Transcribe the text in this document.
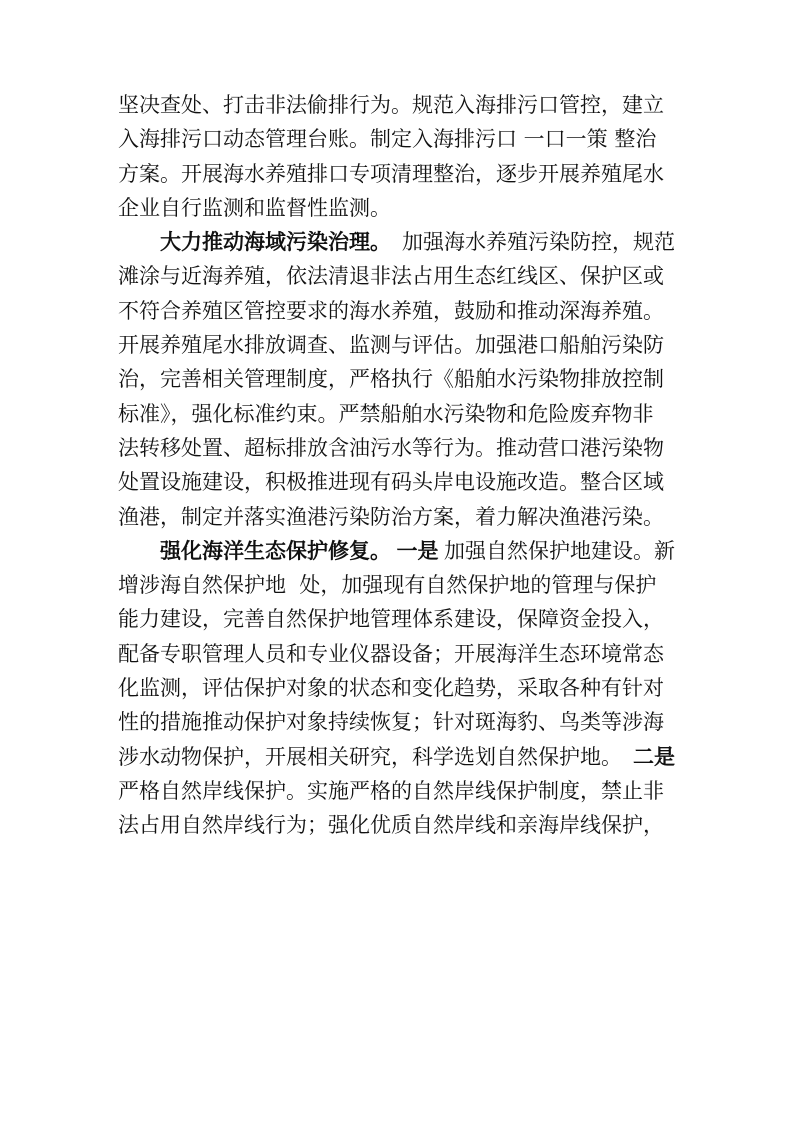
坚决查处、打击非法偷排行为。规范入海排污口管控，建立
入海排污口动态管理台账。制定入海排污口 一口一策 整治
方案。开展海水养殖排口专项清理整治，逐步开展养殖尾水
企业自行监测和监督性监测。
大力推动海域污染治理。 加强海水养殖污染防控，规范
滩涂与近海养殖，依法清退非法占用生态红线区、保护区或
不符合养殖区管控要求的海水养殖，鼓励和推动深海养殖。
开展养殖尾水排放调查、监测与评估。加强港口船舶污染防
治，完善相关管理制度，严格执行《船舶水污染物排放控制
标准》，强化标准约束。严禁船舶水污染物和危险废弃物非
法转移处置、超标排放含油污水等行为。推动营口港污染物
处置设施建设，积极推进现有码头岸电设施改造。整合区域
渔港，制定并落实渔港污染防治方案，着力解决渔港污染。
强化海洋生态保护修复。 一是 加强自然保护地建设。新
增涉海自然保护地  处，加强现有自然保护地的管理与保护
能力建设，完善自然保护地管理体系建设，保障资金投入，
配备专职管理人员和专业仪器设备；开展海洋生态环境常态
化监测，评估保护对象的状态和变化趋势，采取各种有针对
性的措施推动保护对象持续恢复；针对斑海豹、鸟类等涉海
涉水动物保护，开展相关研究，科学选划自然保护地。 二是
严格自然岸线保护。实施严格的自然岸线保护制度，禁止非
法占用自然岸线行为；强化优质自然岸线和亲海岸线保护，
